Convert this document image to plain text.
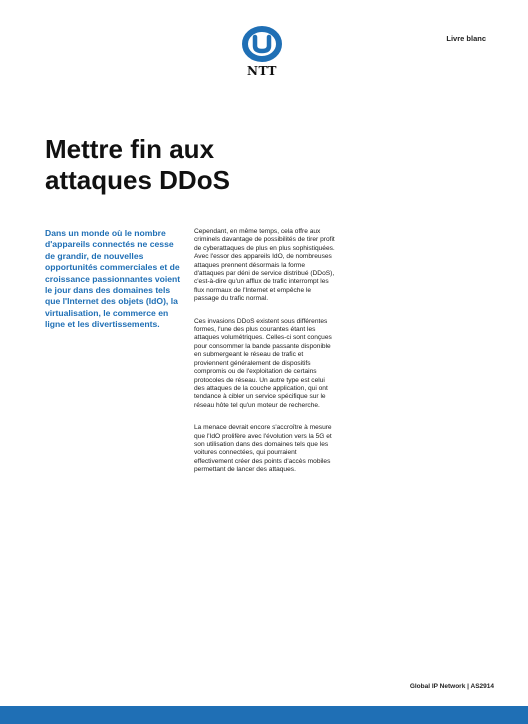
Livre blanc
NTT
Mettre fin aux
attaques DDoS

Dans un monde où le nombre d'appareils connectés ne cesse de grandir, de nouvelles opportunités commerciales et de croissance passionnantes voient le jour dans des domaines tels que l'Internet des objets (IdO), la virtualisation, le commerce en ligne et les divertissements.

Cependant, en même temps, cela offre aux criminels davantage de possibilités de tirer profit de cyberattaques de plus en plus sophistiquées. Avec l'essor des appareils IdO, de nombreuses attaques prennent désormais la forme d'attaques par déni de service distribué (DDoS), c'est-à-dire qu'un afflux de trafic interrompt les flux normaux de l'Internet et empêche le passage du trafic normal.

Ces invasions DDoS existent sous différentes formes, l'une des plus courantes étant les attaques volumétriques. Celles-ci sont conçues pour consommer la bande passante disponible en submergeant le réseau de trafic et proviennent généralement de dispositifs compromis ou de l'exploitation de certains protocoles de réseau. Un autre type est celui des attaques de la couche application, qui ont tendance à cibler un service spécifique sur le réseau hôte tel qu'un moteur de recherche.

La menace devrait encore s'accroître à mesure que l'IdO prolifère avec l'évolution vers la 5G et son utilisation dans des domaines tels que les voitures connectées, qui pourraient effectivement créer des points d'accès mobiles permettant de lancer des attaques.

Global IP Network | AS2914
